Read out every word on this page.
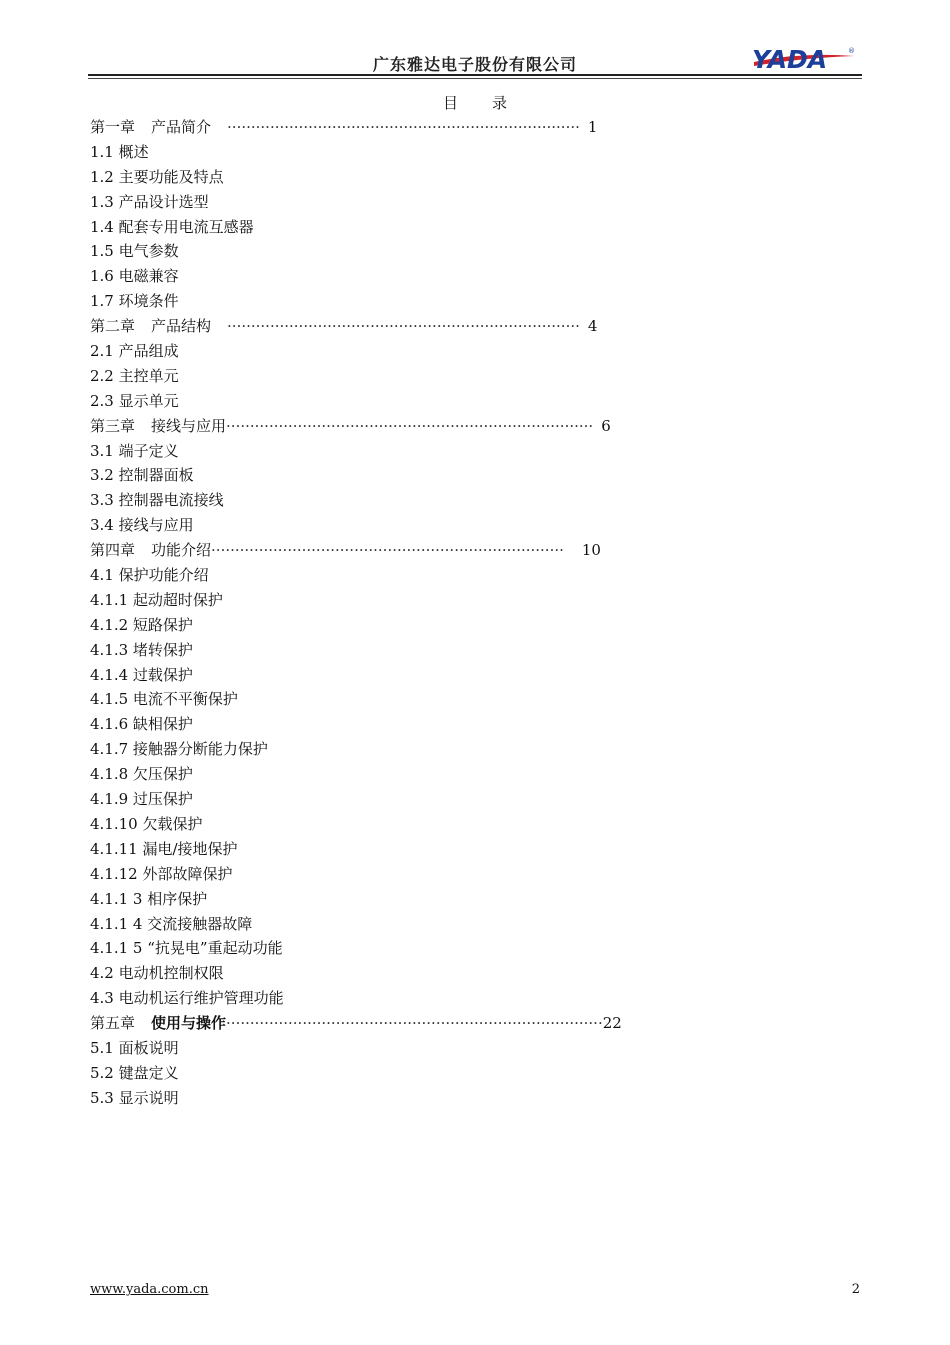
广东雅达电子股份有限公司	YADA	®
目 录
第一章 产品简介 ·········································································· 1
1.1 概述
1.2 主要功能及特点
1.3 产品设计选型
1.4 配套专用电流互感器
1.5 电气参数
1.6 电磁兼容
1.7 环境条件
第二章 产品结构 ·········································································· 4
2.1 产品组成
2.2 主控单元
2.3 显示单元
第三章 接线与应用 ············································································· 6
3.1 端子定义
3.2 控制器面板
3.3 控制器电流接线
3.4 接线与应用
第四章 功能介绍 ·········································································· 10
4.1 保护功能介绍
4.1.1 起动超时保护
4.1.2 短路保护
4.1.3 堵转保护
4.1.4 过载保护
4.1.5 电流不平衡保护
4.1.6 缺相保护
4.1.7 接触器分断能力保护
4.1.8 欠压保护
4.1.9 过压保护
4.1.10 欠载保护
4.1.11 漏电/接地保护
4.1.12 外部故障保护
4.1.1 3 相序保护
4.1.1 4 交流接触器故障
4.1.1 5 “抗晃电”重起动功能
4.2 电动机控制权限
4.3 电动机运行维护管理功能
第五章 使用与操作 ··············································································· 22
5.1 面板说明
5.2 键盘定义
5.3 显示说明
www.yada.com.cn	2
